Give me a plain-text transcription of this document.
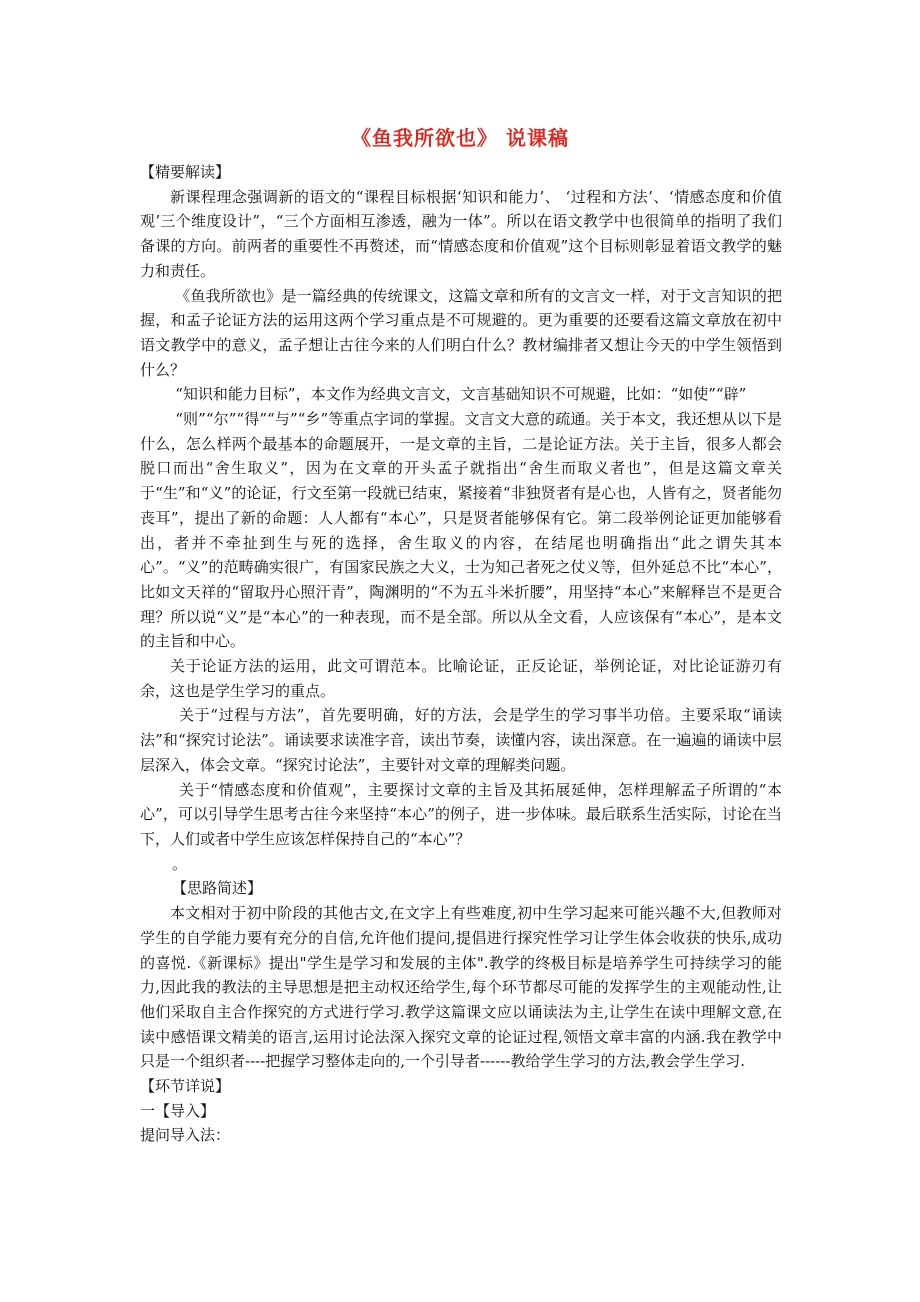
《鱼我所欲也》 说课稿

【精要解读】

新课程理念强调新的语文的“课程目标根据‘知识和能力’、 ‘过程和方法’、‘情感态度和价值观’三个维度设计”，“三个方面相互渗透，融为一体”。所以在语文教学中也很简单的指明了我们备课的方向。前两者的重要性不再赘述，而“情感态度和价值观”这个目标则彰显着语文教学的魅力和责任。

《鱼我所欲也》是一篇经典的传统课文，这篇文章和所有的文言文一样，对于文言知识的把握，和孟子论证方法的运用这两个学习重点是不可规避的。更为重要的还要看这篇文章放在初中语文教学中的意义，孟子想让古往今来的人们明白什么？教材编排者又想让今天的中学生领悟到什么？

“知识和能力目标”，本文作为经典文言文，文言基础知识不可规避，比如：“如使”“辟”

“则”“尔”“得”“与”“乡”等重点字词的掌握。文言文大意的疏通。关于本文，我还想从以下是什么，怎么样两个最基本的命题展开，一是文章的主旨，二是论证方法。关于主旨，很多人都会脱口而出“舍生取义”，因为在文章的开头孟子就指出“舍生而取义者也”，但是这篇文章关于“生”和“义”的论证，行文至第一段就已结束，紧接着“非独贤者有是心也，人皆有之，贤者能勿丧耳”，提出了新的命题：人人都有“本心”，只是贤者能够保有它。第二段举例论证更加能够看出，者并不牵扯到生与死的选择，舍生取义的内容，在结尾也明确指出“此之谓失其本心”。“义”的范畴确实很广，有国家民族之大义，士为知己者死之仗义等，但外延总不比“本心”，比如文天祥的“留取丹心照汗青”，陶渊明的“不为五斗米折腰”，用坚持“本心”来解释岂不是更合理？所以说“义”是“本心”的一种表现，而不是全部。所以从全文看，人应该保有“本心”，是本文的主旨和中心。

关于论证方法的运用，此文可谓范本。比喻论证，正反论证，举例论证，对比论证游刃有余，这也是学生学习的重点。

关于“过程与方法”，首先要明确，好的方法，会是学生的学习事半功倍。主要采取“诵读法”和“探究讨论法”。诵读要求读准字音，读出节奏，读懂内容，读出深意。在一遍遍的诵读中层层深入，体会文章。“探究讨论法”，主要针对文章的理解类问题。

关于“情感态度和价值观”，主要探讨文章的主旨及其拓展延伸，怎样理解孟子所谓的“本心”，可以引导学生思考古往今来坚持“本心”的例子，进一步体味。最后联系生活实际，讨论在当下，人们或者中学生应该怎样保持自己的“本心”？

。

【思路简述】

本文相对于初中阶段的其他古文,在文字上有些难度,初中生学习起来可能兴趣不大,但教师对学生的自学能力要有充分的自信,允许他们提问,提倡进行探究性学习让学生体会收获的快乐,成功的喜悦.《新课标》提出"学生是学习和发展的主体".教学的终极目标是培养学生可持续学习的能力,因此我的教法的主导思想是把主动权还给学生,每个环节都尽可能的发挥学生的主观能动性,让他们采取自主合作探究的方式进行学习.教学这篇课文应以诵读法为主,让学生在读中理解文意,在读中感悟课文精美的语言,运用讨论法深入探究文章的论证过程,领悟文章丰富的内涵.我在教学中只是一个组织者----把握学习整体走向的,一个引导者------教给学生学习的方法,教会学生学习.

【环节详说】

一【导入】

提问导入法：
